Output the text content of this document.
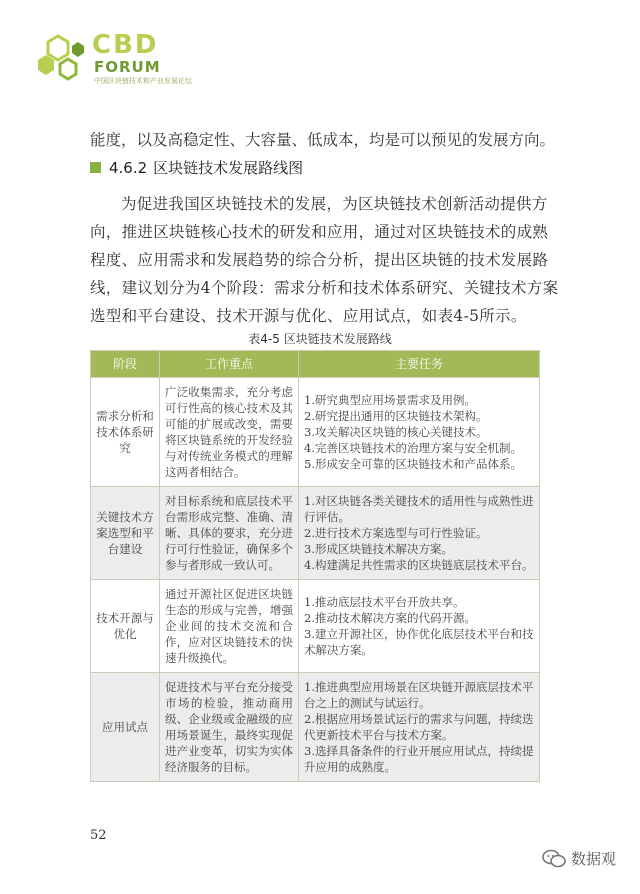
CBD
FORUM
中国区块链技术和产业发展论坛
能度，以及高稳定性、大容量、低成本，均是可以预见的发展方向。
4.6.2 区块链技术发展路线图
为促进我国区块链技术的发展，为区块链技术创新活动提供方向，推进区块链核心技术的研发和应用，通过对区块链技术的成熟程度、应用需求和发展趋势的综合分析，提出区块链的技术发展路线，建议划分为4个阶段：需求分析和技术体系研究、关键技术方案选型和平台建设、技术开源与优化、应用试点，如表4-5所示。
表4-5 区块链技术发展路线
阶段	工作重点	主要任务
需求分析和技术体系研究	广泛收集需求，充分考虑可行性高的核心技术及其可能的扩展或改变，需要将区块链系统的开发经验与对传统业务模式的理解这两者相结合。	1.研究典型应用场景需求及用例。
2.研究提出通用的区块链技术架构。
3.攻关解决区块链的核心关键技术。
4.完善区块链技术的治理方案与安全机制。
5.形成安全可靠的区块链技术和产品体系。

关键技术方案选型和平台建设	对目标系统和底层技术平台需形成完整、准确、清晰、具体的要求，充分进行可行性验证，确保多个参与者形成一致认可。	1.对区块链各类关键技术的适用性与成熟性进行评估。
2.进行技术方案选型与可行性验证。
3.形成区块链技术解决方案。
4.构建满足共性需求的区块链底层技术平台。

技术开源与优化	通过开源社区促进区块链生态的形成与完善，增强企业间的技术交流和合作，应对区块链技术的快速升级换代。	1.推动底层技术平台开放共享。
2.推动技术解决方案的代码开源。
3.建立开源社区，协作优化底层技术平台和技术解决方案。

应用试点	促进技术与平台充分接受市场的检验，推动商用级、企业级或金融级的应用场景诞生，最终实现促进产业变革，切实为实体经济服务的目标。	1.推进典型应用场景在区块链开源底层技术平台之上的测试与试运行。
2.根据应用场景试运行的需求与问题，持续迭代更新技术平台与技术方案。
3.选择具备条件的行业开展应用试点，持续提升应用的成熟度。
52
数据观
